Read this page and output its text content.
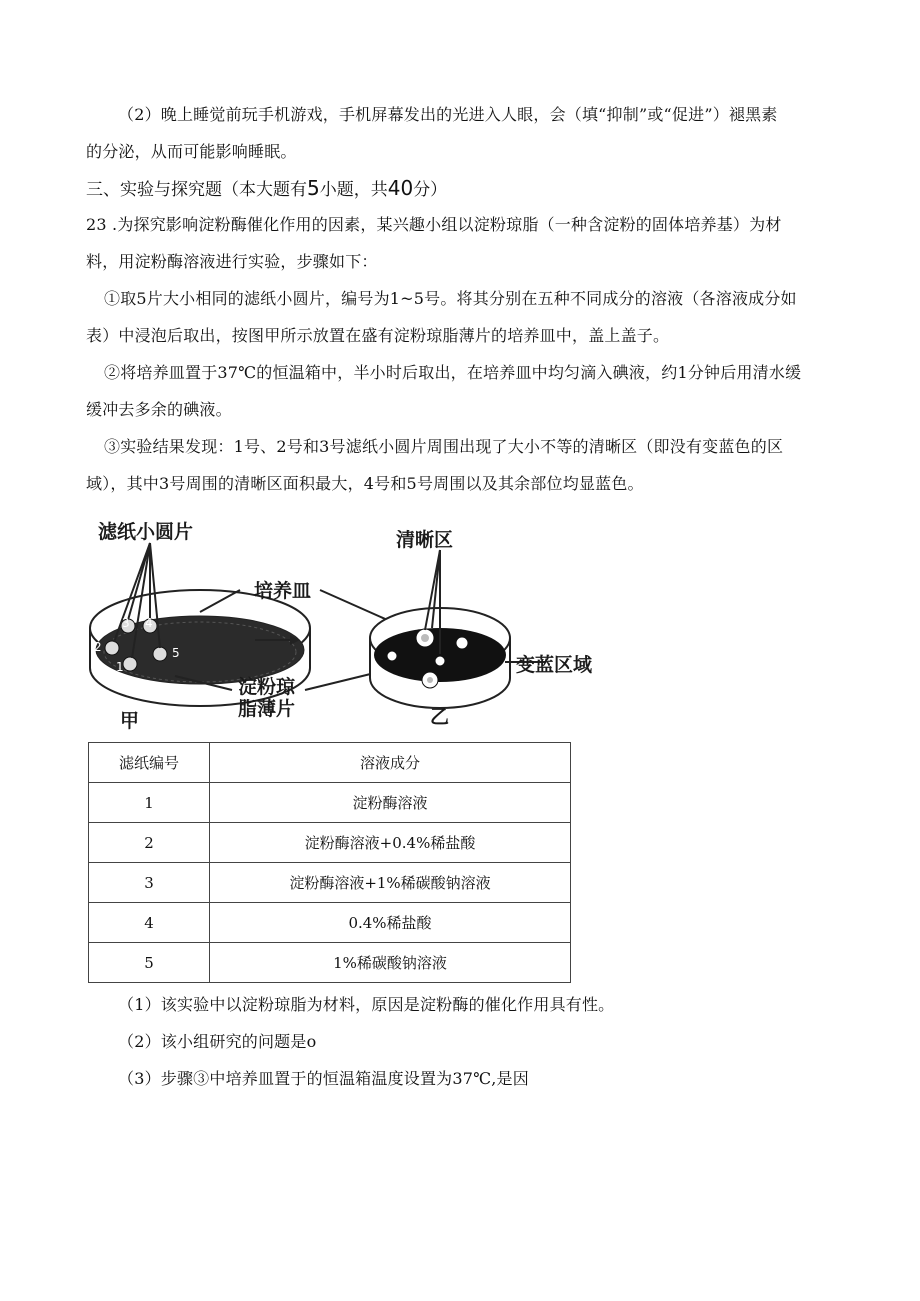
（2）晚上睡觉前玩手机游戏，手机屏幕发出的光进入人眼，会（填“抑制”或“促进”）褪黑素
的分泌，从而可能影响睡眠。
三、实验与探究题（本大题有5小题，共40分）
23 .为探究影响淀粉酶催化作用的因素，某兴趣小组以淀粉琼脂（一种含淀粉的固体培养基）为材
料，用淀粉酶溶液进行实验，步骤如下：
①取5片大小相同的滤纸小圆片，编号为1~5号。将其分别在五种不同成分的溶液（各溶液成分如
表）中浸泡后取出，按图甲所示放置在盛有淀粉琼脂薄片的培养皿中，盖上盖子。
②将培养皿置于37℃的恒温箱中，半小时后取出，在培养皿中均匀滴入碘液，约1分钟后用清水缓
缓冲去多余的碘液。
③实验结果发现：1号、2号和3号滤纸小圆片周围出现了大小不等的清晰区（即没有变蓝色的区
域），其中3号周围的清晰区面积最大，4号和5号周围以及其余部位均显蓝色。
滤纸小圆片
培养皿
淀粉琼
脂薄片
甲
清晰区
变蓝区域
乙
3 4
2	5
1
滤纸编号	溶液成分
1	淀粉酶溶液
2	淀粉酶溶液+0.4%稀盐酸
3	淀粉酶溶液+1%稀碳酸钠溶液
4	0.4%稀盐酸
5	1%稀碳酸钠溶液
（1）该实验中以淀粉琼脂为材料，原因是淀粉酶的催化作用具有性。
（2）该小组研究的问题是o
（3）步骤③中培养皿置于的恒温箱温度设置为37℃,是因
